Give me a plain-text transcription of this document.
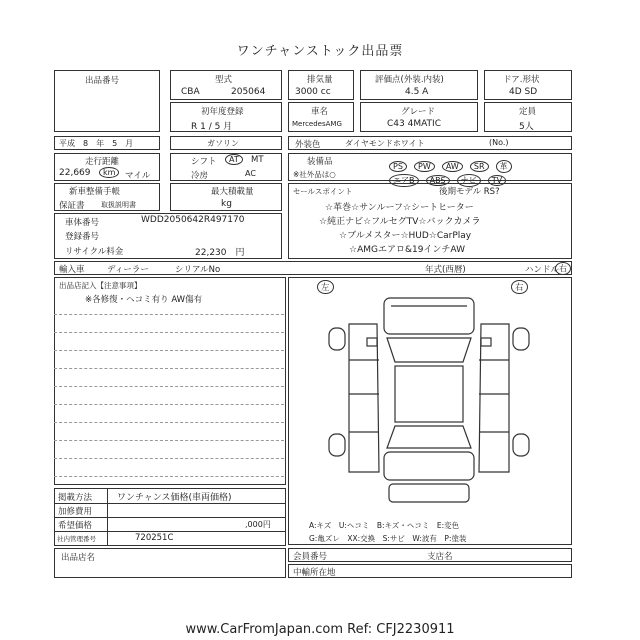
ワンチャンストック出品票
出品番号	型式
CBA	205064
排気量
3000 cc
評価点(外装.内装)
4.5 A
ドア.形状
4D SD
初年度登録
R 1 / 5 月
車名
MercedesAMG
グレード
C43 4MATIC
定員
5人
平成　8　年　5　月	ガソリン	外装色	ダイヤモンドホワイト	(No.)
走行距離
22,669	km	マイル
シフト	AT	MT
冷房	AC
装備品	PS PW AW SR 革
※社外品は○
エアB ABS ナビ TV
新車整備手帳
保証書 取扱説明書
最大積載量
kg
セールスポイント	後期モデル RS?
☆革巻☆サンルーフ☆シートヒーター
☆純正ナビ☆フルセグTV☆バックカメラ
☆ブルメスター☆HUD☆CarPlay
☆AMGエアロ&19インチAW
車体番号	WDD2050642R497170
登録番号
リサイクル料金	22,230　円
輸入車	ディーラー	シリアルNo	年式(西暦)	ハンドル 右
出品店記入【注意事項】
※各修復・ヘコミ有り AW傷有
左	右
A:キズ　U:ヘコミ　B:キズ・ヘコミ　E:変色
G:亀ズレ　XX:交換　S:サビ　W:波有　P:塗装
掲載方法	ワンチャンス価格(車両価格)
加修費用
希望価格	,000円
社内管理番号	720251C
出品店名	会員番号	支店名
中輸所在地
www.CarFromJapan.com Ref: CFJ2230911
